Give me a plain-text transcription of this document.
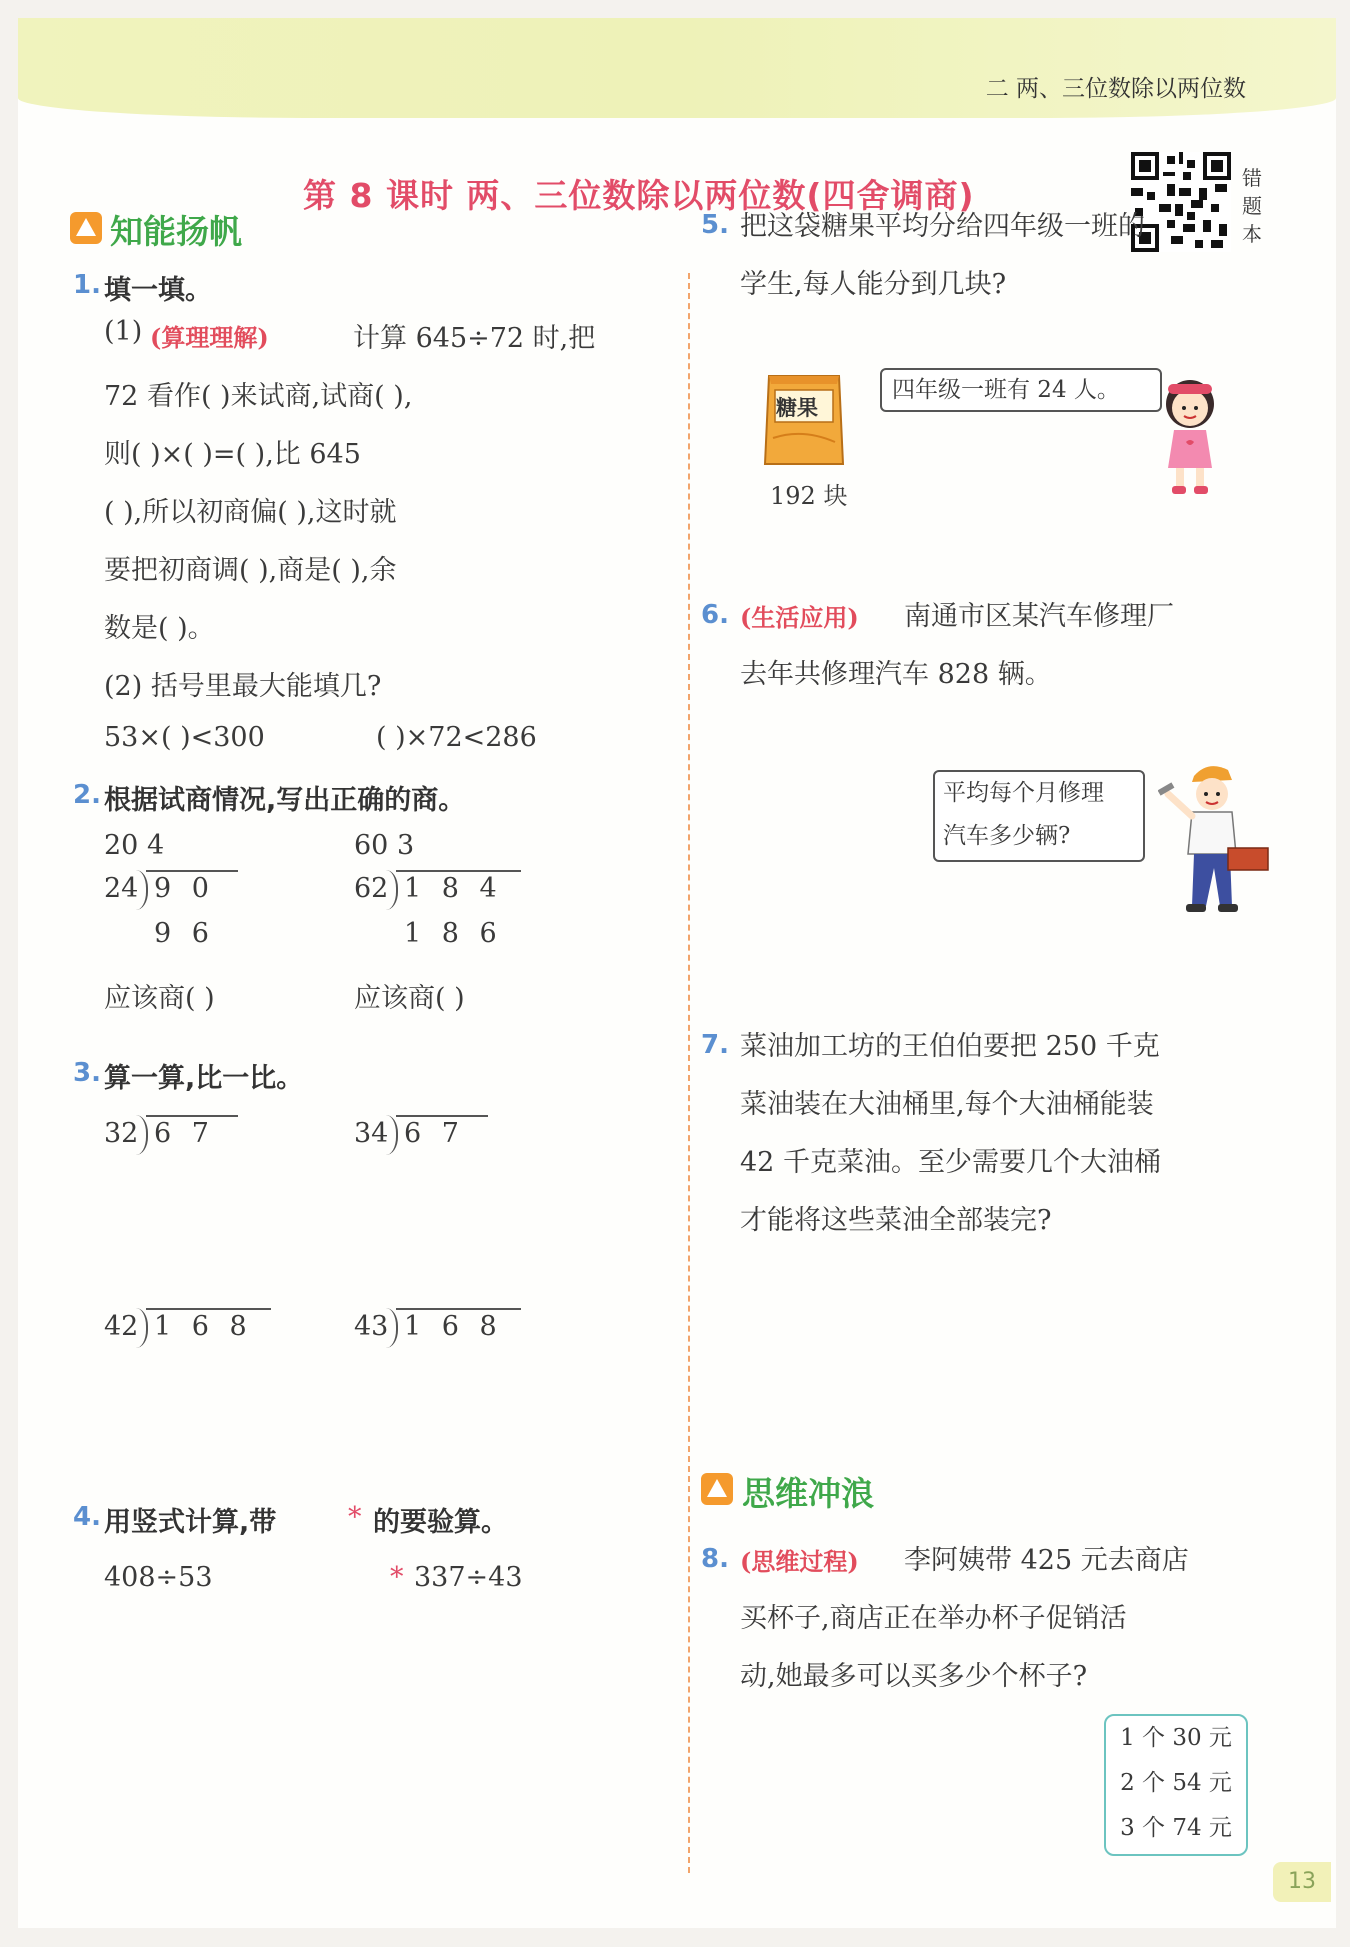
二 两、三位数除以两位数
第 8 课时 两、三位数除以两位数(四舍调商)	错题本
知能扬帆
1. 填一填。
(1) (算理理解)	计算 645÷72 时,把
72 看作( )来试商,试商( ),
则( )×( )=( ),比 645
( ),所以初商偏( ),这时就
要把初商调( ),商是( ),余
数是( )。
(2) 括号里最大能填几?
53×( )<300	( )×72<286
2. 根据试商情况,写出正确的商。
20 4
24 9 0
9 6
应该商( )
60 3
62 1 8 4
1 8 6
应该商( )
3. 算一算,比一比。
32 6 7	34 6 7
42 1 6 8	43 1 6 8
4. 用竖式计算,带	* 的要验算。
408÷53	* 337÷43
5. 把这袋糖果平均分给四年级一班的
学生,每人能分到几块?
糖果
192 块
四年级一班有 24 人。
6. (生活应用) 南通市区某汽车修理厂
去年共修理汽车 828 辆。
平均每个月修理
汽车多少辆?
7. 菜油加工坊的王伯伯要把 250 千克
菜油装在大油桶里,每个大油桶能装
42 千克菜油。至少需要几个大油桶
才能将这些菜油全部装完?
思维冲浪
8. (思维过程) 李阿姨带 425 元去商店
买杯子,商店正在举办杯子促销活
动,她最多可以买多少个杯子?
1 个 30 元
2 个 54 元
3 个 74 元
13
